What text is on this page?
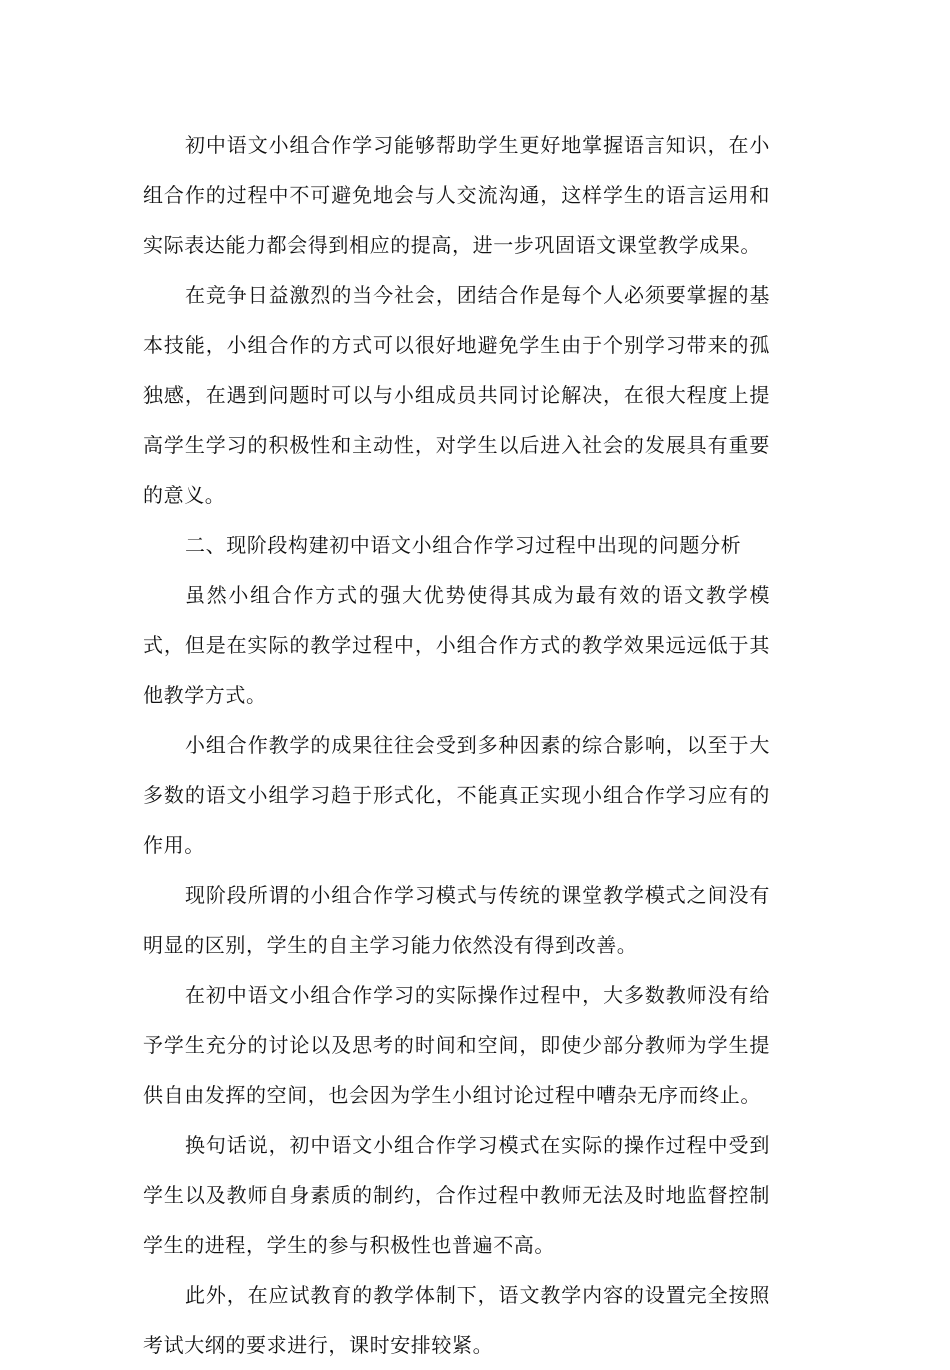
初中语文小组合作学习能够帮助学生更好地掌握语言知识，在小组合作的过程中不可避免地会与人交流沟通，这样学生的语言运用和实际表达能力都会得到相应的提高，进一步巩固语文课堂教学成果。

在竞争日益激烈的当今社会，团结合作是每个人必须要掌握的基本技能，小组合作的方式可以很好地避免学生由于个别学习带来的孤独感，在遇到问题时可以与小组成员共同讨论解决，在很大程度上提高学生学习的积极性和主动性，对学生以后进入社会的发展具有重要的意义。

二、现阶段构建初中语文小组合作学习过程中出现的问题分析

虽然小组合作方式的强大优势使得其成为最有效的语文教学模式，但是在实际的教学过程中，小组合作方式的教学效果远远低于其他教学方式。

小组合作教学的成果往往会受到多种因素的综合影响，以至于大多数的语文小组学习趋于形式化，不能真正实现小组合作学习应有的作用。

现阶段所谓的小组合作学习模式与传统的课堂教学模式之间没有明显的区别，学生的自主学习能力依然没有得到改善。

在初中语文小组合作学习的实际操作过程中，大多数教师没有给予学生充分的讨论以及思考的时间和空间，即使少部分教师为学生提供自由发挥的空间，也会因为学生小组讨论过程中嘈杂无序而终止。

换句话说，初中语文小组合作学习模式在实际的操作过程中受到学生以及教师自身素质的制约，合作过程中教师无法及时地监督控制学生的进程，学生的参与积极性也普遍不高。

此外，在应试教育的教学体制下，语文教学内容的设置完全按照考试大纲的要求进行，课时安排较紧。
